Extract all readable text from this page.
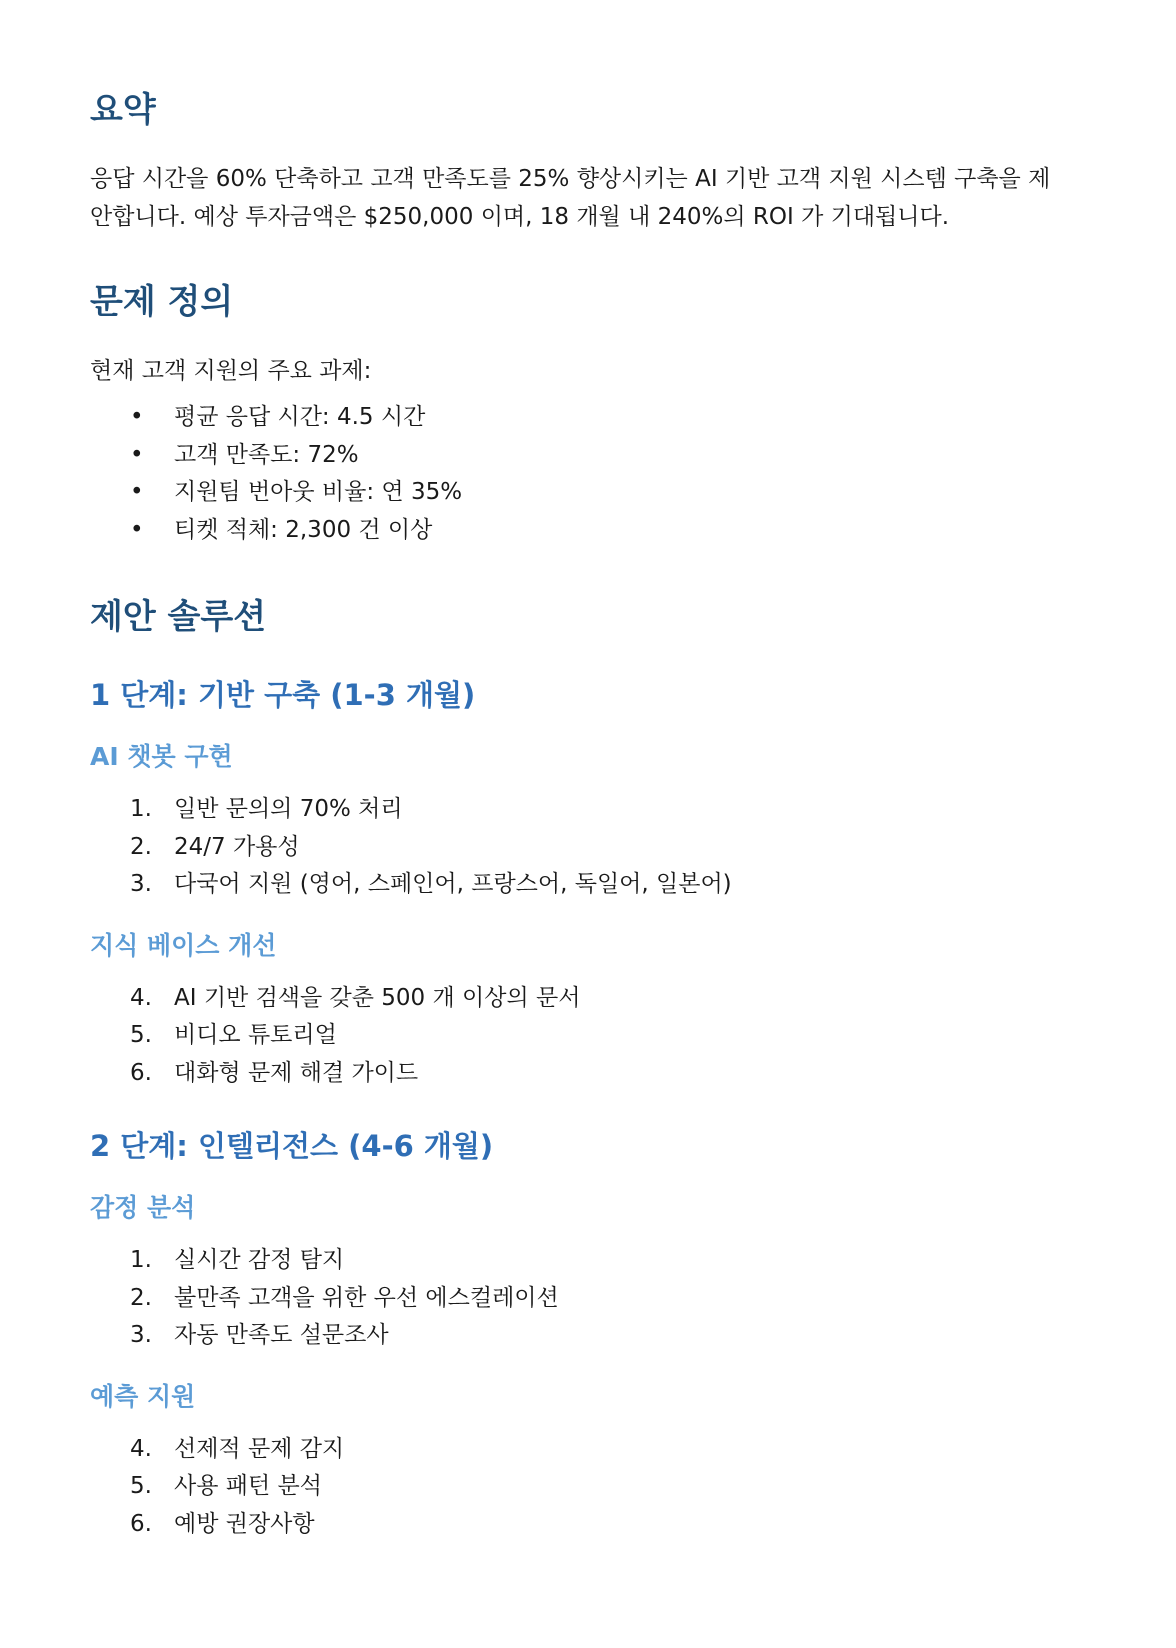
요약

응답 시간을 60% 단축하고 고객 만족도를 25% 향상시키는 AI 기반 고객 지원 시스템 구축을 제안합니다. 예상 투자금액은 $250,000 이며, 18 개월 내 240%의 ROI 가 기대됩니다.

문제 정의

현재 고객 지원의 주요 과제:

• 평균 응답 시간: 4.5 시간
• 고객 만족도: 72%
• 지원팀 번아웃 비율: 연 35%
• 티켓 적체: 2,300 건 이상
제안 솔루션
1 단계: 기반 구축 (1-3 개월)
AI 챗봇 구현
1. 일반 문의의 70% 처리
2. 24/7 가용성
3. 다국어 지원 (영어, 스페인어, 프랑스어, 독일어, 일본어)
지식 베이스 개선
4. AI 기반 검색을 갖춘 500 개 이상의 문서
5. 비디오 튜토리얼
6. 대화형 문제 해결 가이드
2 단계: 인텔리전스 (4-6 개월)
감정 분석
1. 실시간 감정 탐지
2. 불만족 고객을 위한 우선 에스컬레이션
3. 자동 만족도 설문조사
예측 지원
4. 선제적 문제 감지
5. 사용 패턴 분석
6. 예방 권장사항
